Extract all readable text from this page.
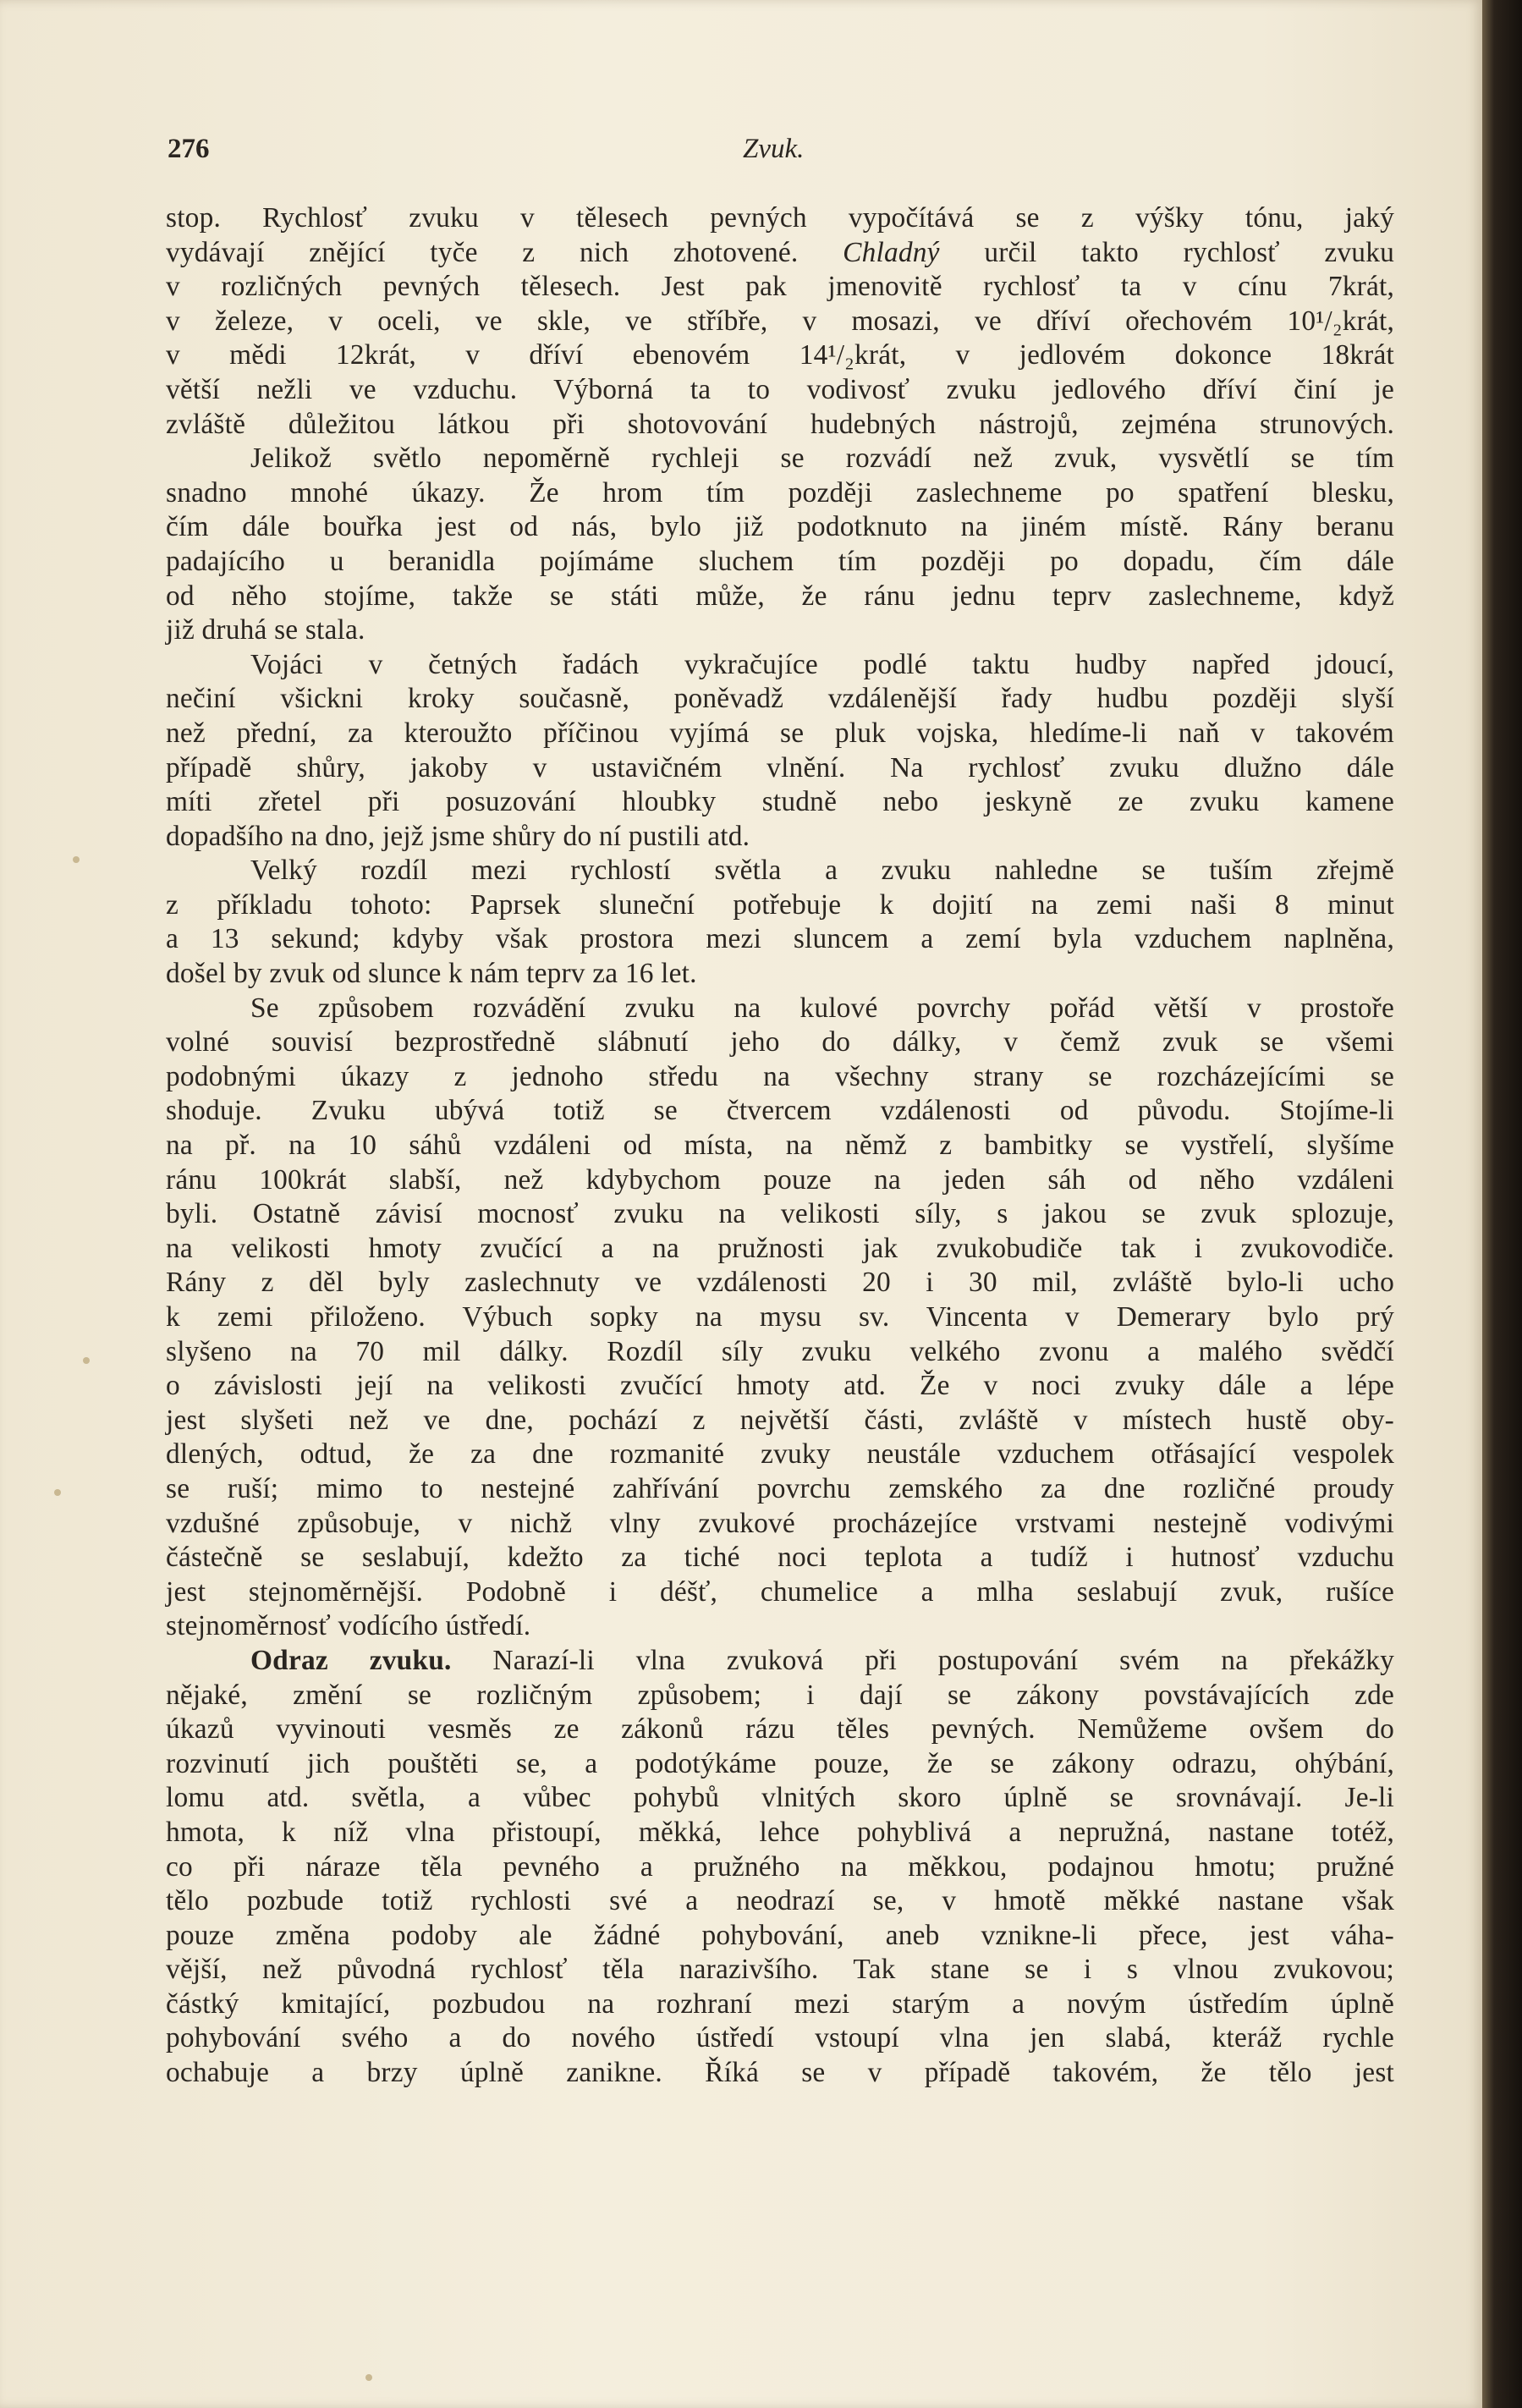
276	Zvuk.
stop. Rychlosť zvuku v tělesech pevných vypočítává se z výšky tónu, jaký
vydávají znějící tyče z nich zhotovené. Chladný určil takto rychlosť zvuku
v rozličných pevných tělesech. Jest pak jmenovitě rychlosť ta v cínu 7krát,
v železe, v oceli, ve skle, ve stříbře, v mosazi, ve dříví ořechovém 10¹/₂krát,
v mědi 12krát, v dříví ebenovém 14¹/₂krát, v jedlovém dokonce 18krát
větší nežli ve vzduchu. Výborná ta to vodivosť zvuku jedlového dříví činí je
zvláště důležitou látkou při shotovování hudebných nástrojů, zejména strunových.
Jelikož světlo nepoměrně rychleji se rozvádí než zvuk, vysvětlí se tím
snadno mnohé úkazy. Že hrom tím později zaslechneme po spatření blesku,
čím dále bouřka jest od nás, bylo již podotknuto na jiném místě. Rány beranu
padajícího u beranidla pojímáme sluchem tím později po dopadu, čím dále
od něho stojíme, takže se státi může, že ránu jednu teprv zaslechneme, když
již druhá se stala.
Vojáci v četných řadách vykračujíce podlé taktu hudby napřed jdoucí,
nečiní všickni kroky současně, poněvadž vzdálenější řady hudbu později slyší
než přední, za kteroužto příčinou vyjímá se pluk vojska, hledíme-li naň v takovém
případě shůry, jakoby v ustavičném vlnění. Na rychlosť zvuku dlužno dále
míti zřetel při posuzování hloubky studně nebo jeskyně ze zvuku kamene
dopadšího na dno, jejž jsme shůry do ní pustili atd.
Velký rozdíl mezi rychlostí světla a zvuku nahledne se tuším zřejmě
z příkladu tohoto: Paprsek sluneční potřebuje k dojití na zemi naši 8 minut
a 13 sekund; kdyby však prostora mezi sluncem a zemí byla vzduchem naplněna,
došel by zvuk od slunce k nám teprv za 16 let.
Se způsobem rozvádění zvuku na kulové povrchy pořád větší v prostoře
volné souvisí bezprostředně slábnutí jeho do dálky, v čemž zvuk se všemi
podobnými úkazy z jednoho středu na všechny strany se rozcházejícími se
shoduje. Zvuku ubývá totiž se čtvercem vzdálenosti od původu. Stojíme-li
na př. na 10 sáhů vzdáleni od místa, na němž z bambitky se vystřelí, slyšíme
ránu 100krát slabší, než kdybychom pouze na jeden sáh od něho vzdáleni
byli. Ostatně závisí mocnosť zvuku na velikosti síly, s jakou se zvuk splozuje,
na velikosti hmoty zvučící a na pružnosti jak zvukobudiče tak i zvukovodiče.
Rány z děl byly zaslechnuty ve vzdálenosti 20 i 30 mil, zvláště bylo-li ucho
k zemi přiloženo. Výbuch sopky na mysu sv. Vincenta v Demerary bylo prý
slyšeno na 70 mil dálky. Rozdíl síly zvuku velkého zvonu a malého svědčí
o závislosti její na velikosti zvučící hmoty atd. Že v noci zvuky dále a lépe
jest slyšeti než ve dne, pochází z největší části, zvláště v místech hustě oby-
dlených, odtud, že za dne rozmanité zvuky neustále vzduchem otřásající vespolek
se ruší; mimo to nestejné zahřívání povrchu zemského za dne rozličné proudy
vzdušné způsobuje, v nichž vlny zvukové procházejíce vrstvami nestejně vodivými
částečně se seslabují, kdežto za tiché noci teplota a tudíž i hutnosť vzduchu
jest stejnoměrnější. Podobně i déšť, chumelice a mlha seslabují zvuk, rušíce
stejnoměrnosť vodícího ústředí.
Odraz zvuku. Narazí-li vlna zvuková při postupování svém na překážky
nějaké, změní se rozličným způsobem; i dají se zákony povstávajících zde
úkazů vyvinouti vesměs ze zákonů rázu těles pevných. Nemůžeme ovšem do
rozvinutí jich pouštěti se, a podotýkáme pouze, že se zákony odrazu, ohýbání,
lomu atd. světla, a vůbec pohybů vlnitých skoro úplně se srovnávají. Je-li
hmota, k níž vlna přistoupí, měkká, lehce pohyblivá a nepružná, nastane totéž,
co při náraze těla pevného a pružného na měkkou, podajnou hmotu; pružné
tělo pozbude totiž rychlosti své a neodrazí se, v hmotě měkké nastane však
pouze změna podoby ale žádné pohybování, aneb vznikne-li přece, jest váha-
vější, než původná rychlosť těla narazivšího. Tak stane se i s vlnou zvukovou;
částký kmitající, pozbudou na rozhraní mezi starým a novým ústředím úplně
pohybování svého a do nového ústředí vstoupí vlna jen slabá, kteráž rychle
ochabuje a brzy úplně zanikne. Říká se v případě takovém, že tělo jest
